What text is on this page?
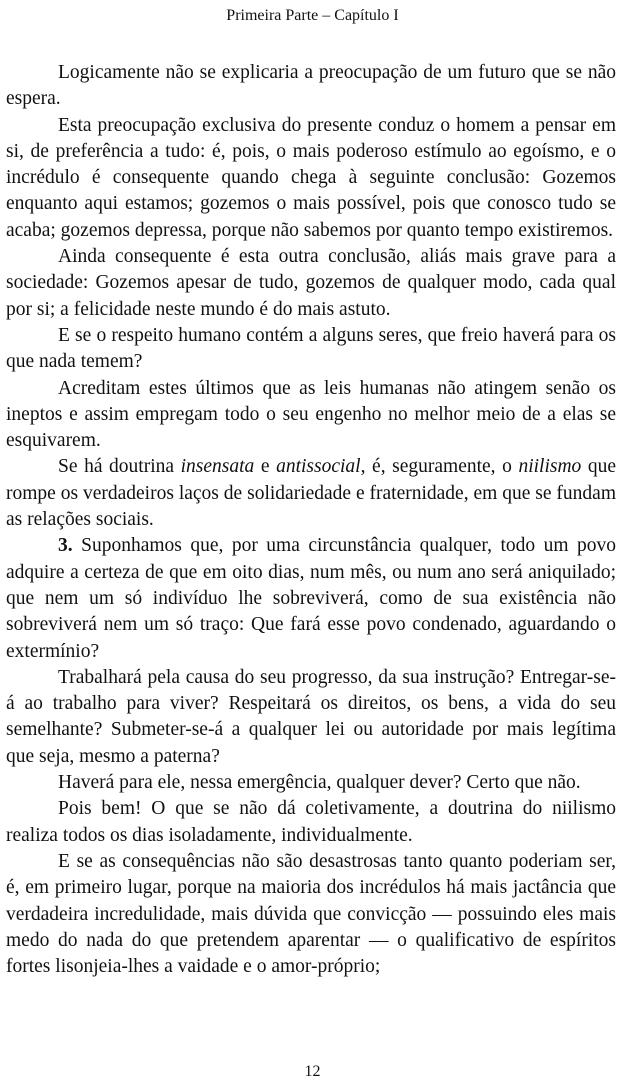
Primeira Parte – Capítulo I

Logicamente não se explicaria a preocupação de um futuro que se não espera.

Esta preocupação exclusiva do presente conduz o homem a pensar em si, de preferência a tudo: é, pois, o mais poderoso estímulo ao egoísmo, e o incrédulo é consequente quando chega à seguinte conclusão: Gozemos enquanto aqui estamos; gozemos o mais possível, pois que conosco tudo se acaba; gozemos depressa, porque não sabemos por quanto tempo existiremos.

Ainda consequente é esta outra conclusão, aliás mais grave para a sociedade: Gozemos apesar de tudo, gozemos de qualquer modo, cada qual por si; a felicidade neste mundo é do mais astuto.

E se o respeito humano contém a alguns seres, que freio haverá para os que nada temem?

Acreditam estes últimos que as leis humanas não atingem senão os ineptos e assim empregam todo o seu engenho no melhor meio de a elas se esquivarem.

Se há doutrina insensata e antissocial, é, seguramente, o niilismo que rompe os verdadeiros laços de solidariedade e fraternidade, em que se fundam as relações sociais.

3. Suponhamos que, por uma circunstância qualquer, todo um povo adquire a certeza de que em oito dias, num mês, ou num ano será aniquilado; que nem um só indivíduo lhe sobreviverá, como de sua existência não sobreviverá nem um só traço: Que fará esse povo condenado, aguardando o extermínio?

Trabalhará pela causa do seu progresso, da sua instrução? Entregar-se-á ao trabalho para viver? Respeitará os direitos, os bens, a vida do seu semelhante? Submeter-se-á a qualquer lei ou autoridade por mais legítima que seja, mesmo a paterna?

Haverá para ele, nessa emergência, qualquer dever? Certo que não.

Pois bem! O que se não dá coletivamente, a doutrina do niilismo realiza todos os dias isoladamente, individualmente.

E se as consequências não são desastrosas tanto quanto poderiam ser, é, em primeiro lugar, porque na maioria dos incrédulos há mais jactância que verdadeira incredulidade, mais dúvida que convicção — possuindo eles mais medo do nada do que pretendem aparentar — o qualificativo de espíritos fortes lisonjeia-lhes a vaidade e o amor-próprio;

12
